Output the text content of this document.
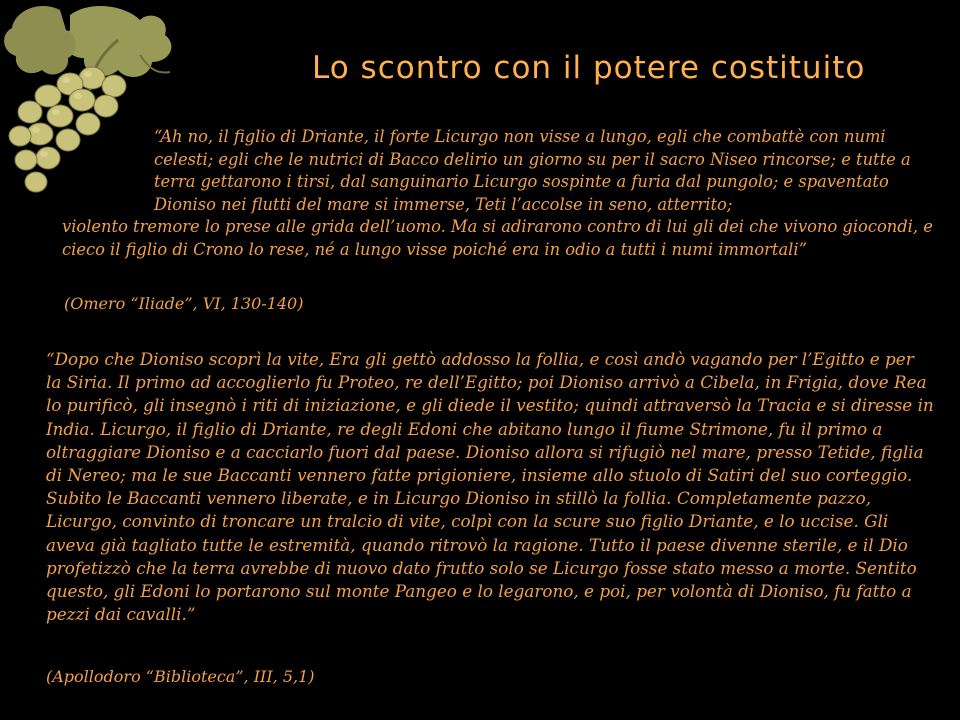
Lo scontro con il potere costituito
“Ah no, il figlio di Driante, il forte Licurgo non visse a lungo, egli che combattè con numi celesti; egli che le nutrici di Bacco delirio un giorno su per il sacro Niseo rincorse; e tutte a terra gettarono i tirsi, dal sanguinario Licurgo sospinte a furia dal pungolo; e spaventato Dioniso nei flutti del mare si immerse, Teti l’accolse in seno, atterrito;
violento tremore lo prese alle grida dell’uomo. Ma si adirarono contro di lui gli dei che vivono giocondi, e cieco il figlio di Crono lo rese, né a lungo visse poiché era in odio a tutti i numi immortali”
(Omero “Iliade”, VI, 130-140)
“Dopo che Dioniso scoprì la vite, Era gli gettò addosso la follia, e così andò vagando per l’Egitto e per la Siria. Il primo ad accoglierlo fu Proteo, re dell’Egitto; poi Dioniso arrivò a Cibela, in Frigia, dove Rea lo purificò, gli insegnò i riti di iniziazione, e gli diede il vestito; quindi attraversò la Tracia e si diresse in India. Licurgo, il figlio di Driante, re degli Edoni che abitano lungo il fiume Strimone, fu il primo a oltraggiare Dioniso e a cacciarlo fuori dal paese. Dioniso allora si rifugiò nel mare, presso Tetide, figlia di Nereo; ma le sue Baccanti vennero fatte prigioniere, insieme allo stuolo di Satiri del suo corteggio. Subito le Baccanti vennero liberate, e in Licurgo Dioniso in stillò la follia. Completamente pazzo, Licurgo, convinto di troncare un tralcio di vite, colpì con la scure suo figlio Driante, e lo uccise. Gli aveva già tagliato tutte le estremità, quando ritrovò la ragione. Tutto il paese divenne sterile, e il Dio profetizzò che la terra avrebbe di nuovo dato frutto solo se Licurgo fosse stato messo a morte. Sentito questo, gli Edoni lo portarono sul monte Pangeo e lo legarono, e poi, per volontà di Dioniso, fu fatto a pezzi dai cavalli.”
(Apollodoro “Biblioteca”, III, 5,1)
